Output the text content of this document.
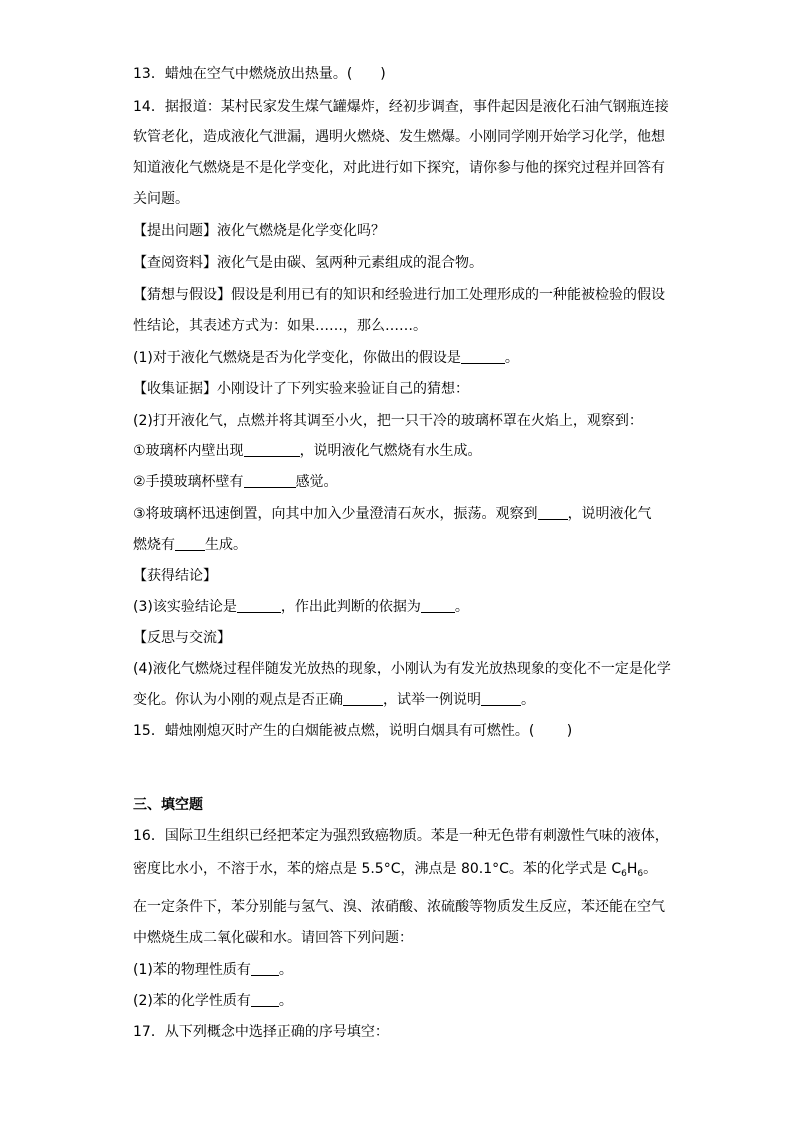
13．蜡烛在空气中燃烧放出热量。(　　)
14．据报道：某村民家发生煤气罐爆炸，经初步调查，事件起因是液化石油气钢瓶连接
软管老化，造成液化气泄漏，遇明火燃烧、发生燃爆。小刚同学刚开始学习化学，他想
知道液化气燃烧是不是化学变化，对此进行如下探究，请你参与他的探究过程并回答有
关问题。
【提出问题】液化气燃烧是化学变化吗？
【查阅资料】液化气是由碳、氢两种元素组成的混合物。
【猜想与假设】假设是利用已有的知识和经验进行加工处理形成的一种能被检验的假设
性结论，其表述方式为：如果……，那么……。
(1)对于液化气燃烧是否为化学变化，你做出的假设是	。
【收集证据】小刚设计了下列实验来验证自己的猜想：
(2)打开液化气，点燃并将其调至小火，把一只干冷的玻璃杯罩在火焰上，观察到：
①玻璃杯内壁出现	，说明液化气燃烧有水生成。
②手摸玻璃杯壁有	感觉。
③将玻璃杯迅速倒置，向其中加入少量澄清石灰水，振荡。观察到 ，说明液化气
燃烧有 生成。
【获得结论】
(3)该实验结论是	，作出此判断的依据为 。
【反思与交流】
(4)液化气燃烧过程伴随发光放热的现象，小刚认为有发光放热现象的变化不一定是化学
变化。你认为小刚的观点是否正确	，试举一例说明	。
15．蜡烛刚熄灭时产生的白烟能被点燃，说明白烟具有可燃性。(　　 )
三、填空题
16．国际卫生组织已经把苯定为强烈致癌物质。苯是一种无色带有刺激性气味的液体，
密度比水小，不溶于水，苯的熔点是 5.5°C，沸点是 80.1°C。苯的化学式是 $C_6H_6$。
在一定条件下，苯分别能与氢气、溴、浓硝酸、浓硫酸等物质发生反应，苯还能在空气
中燃烧生成二氧化碳和水。请回答下列问题：
(1)苯的物理性质有 。
(2)苯的化学性质有 。
17．从下列概念中选择正确的序号填空：
